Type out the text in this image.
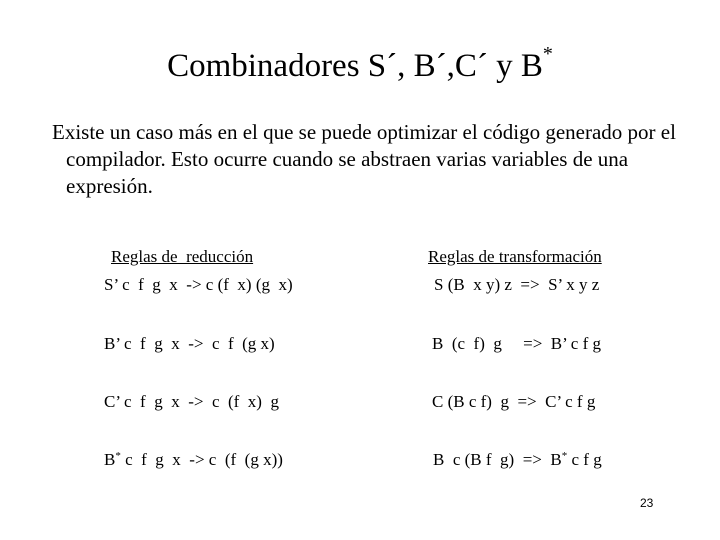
Combinadores S´, B´,C´ y B*
Existe un caso más en el que se puede optimizar el código generado por el compilador. Esto ocurre cuando se abstraen varias variables de una expresión.
Reglas de  reducción	Reglas de transformación
S’ c  f  g  x  -> c (f  x) (g  x)	S (B  x y) z  =>  S’ x y z
B’ c  f  g  x  ->  c  f  (g x)	B  (c  f)  g     =>  B’ c f g
C’ c  f  g  x  ->  c  (f  x)  g	C (B c f)  g  =>  C’ c f g
B* c  f  g  x  -> c  (f  (g x))	B  c (B f  g)  =>  B* c f g
23
